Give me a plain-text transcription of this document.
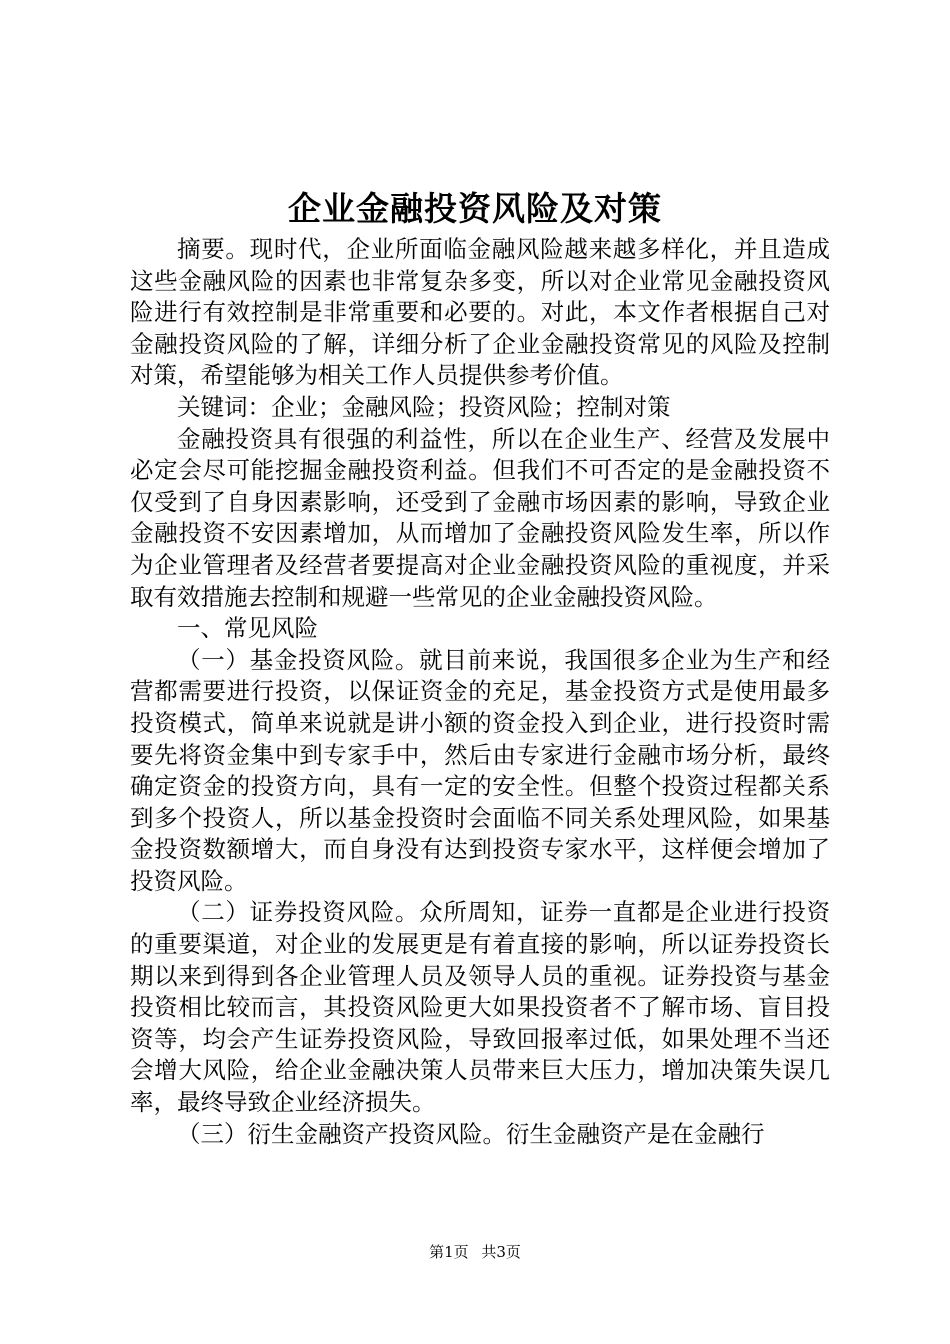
企业金融投资风险及对策

摘要。现时代，企业所面临金融风险越来越多样化，并且造成这些金融风险的因素也非常复杂多变，所以对企业常见金融投资风险进行有效控制是非常重要和必要的。对此，本文作者根据自己对金融投资风险的了解，详细分析了企业金融投资常见的风险及控制对策，希望能够为相关工作人员提供参考价值。

关键词：企业；金融风险；投资风险；控制对策

金融投资具有很强的利益性，所以在企业生产、经营及发展中必定会尽可能挖掘金融投资利益。但我们不可否定的是金融投资不仅受到了自身因素影响，还受到了金融市场因素的影响，导致企业金融投资不安因素增加，从而增加了金融投资风险发生率，所以作为企业管理者及经营者要提高对企业金融投资风险的重视度，并采取有效措施去控制和规避一些常见的企业金融投资风险。

一、常见风险

（一）基金投资风险。就目前来说，我国很多企业为生产和经营都需要进行投资，以保证资金的充足，基金投资方式是使用最多投资模式，简单来说就是讲小额的资金投入到企业，进行投资时需要先将资金集中到专家手中，然后由专家进行金融市场分析，最终确定资金的投资方向，具有一定的安全性。但整个投资过程都关系到多个投资人，所以基金投资时会面临不同关系处理风险，如果基金投资数额增大，而自身没有达到投资专家水平，这样便会增加了投资风险。

（二）证券投资风险。众所周知，证券一直都是企业进行投资的重要渠道，对企业的发展更是有着直接的影响，所以证券投资长期以来到得到各企业管理人员及领导人员的重视。证券投资与基金投资相比较而言，其投资风险更大如果投资者不了解市场、盲目投资等，均会产生证券投资风险，导致回报率过低，如果处理不当还会增大风险，给企业金融决策人员带来巨大压力，增加决策失误几率，最终导致企业经济损失。

（三）衍生金融资产投资风险。衍生金融资产是在金融行

第1页 共3页
